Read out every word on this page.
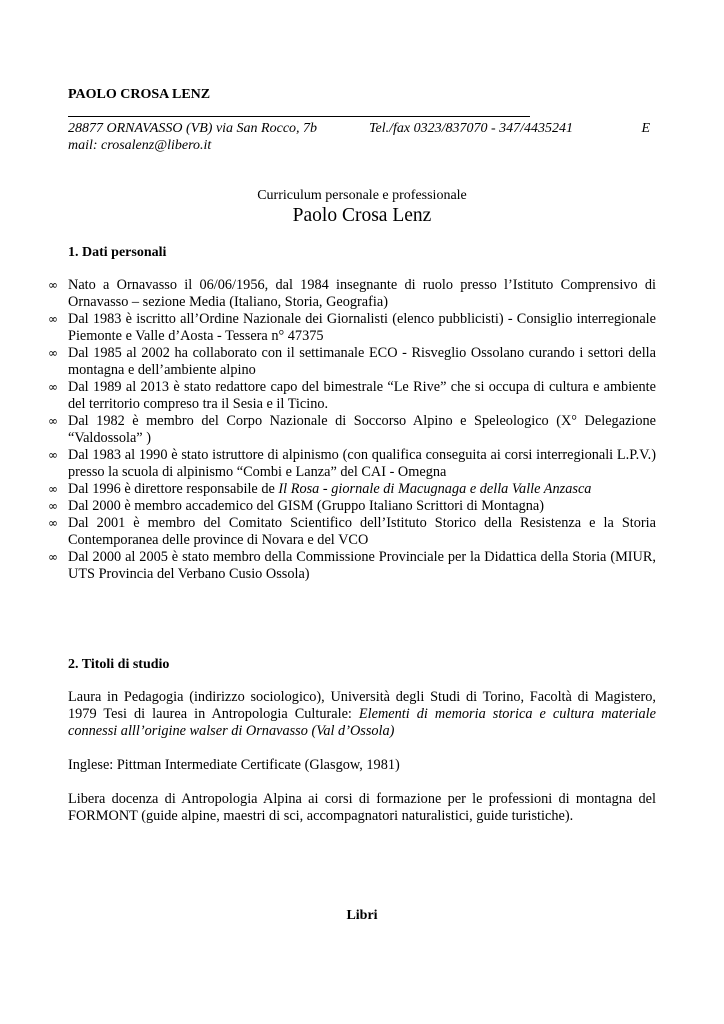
PAOLO CROSA LENZ
28877 ORNAVASSO (VB) via San Rocco, 7b	Tel./fax 0323/837070 - 347/4435241	E
mail: crosalenz@libero.it
Curriculum personale e professionale
Paolo Crosa Lenz
1. Dati personali
∞ Nato a Ornavasso il 06/06/1956, dal 1984 insegnante di ruolo presso l’Istituto Comprensivo di Ornavasso – sezione Media (Italiano, Storia, Geografia)
∞ Dal 1983 è iscritto all’Ordine Nazionale dei Giornalisti (elenco pubblicisti) - Consiglio interregionale Piemonte e Valle d’Aosta - Tessera n° 47375
∞ Dal 1985 al 2002 ha collaborato con il settimanale ECO - Risveglio Ossolano curando i settori della montagna e dell’ambiente alpino
∞ Dal 1989 al 2013 è stato redattore capo del bimestrale “Le Rive” che si occupa di cultura e ambiente del territorio compreso tra il Sesia e il Ticino.
∞ Dal 1982 è membro del Corpo Nazionale di Soccorso Alpino e Speleologico (X° Delegazione “Valdossola” )
∞ Dal 1983 al 1990 è stato istruttore di alpinismo (con qualifica conseguita ai corsi interregionali L.P.V.) presso la scuola di alpinismo “Combi e Lanza” del CAI - Omegna
∞ Dal 1996 è direttore responsabile de Il Rosa - giornale di Macugnaga e della Valle Anzasca
∞ Dal 2000 è membro accademico del GISM (Gruppo Italiano Scrittori di Montagna)
∞ Dal 2001 è membro del Comitato Scientifico dell’Istituto Storico della Resistenza e la Storia Contemporanea delle province di Novara e del VCO
∞ Dal 2000 al 2005 è stato membro della Commissione Provinciale per la Didattica della Storia (MIUR, UTS Provincia del Verbano Cusio Ossola)
2. Titoli di studio
Laura in Pedagogia (indirizzo sociologico), Università degli Studi di Torino, Facoltà di Magistero, 1979 Tesi di laurea in Antropologia Culturale: Elementi di memoria storica e cultura materiale connessi alll’origine walser di Ornavasso (Val d’Ossola)
Inglese: Pittman Intermediate Certificate (Glasgow, 1981)
Libera docenza di Antropologia Alpina ai corsi di formazione per le professioni di montagna del FORMONT (guide alpine, maestri di sci, accompagnatori naturalistici, guide turistiche).
Libri
